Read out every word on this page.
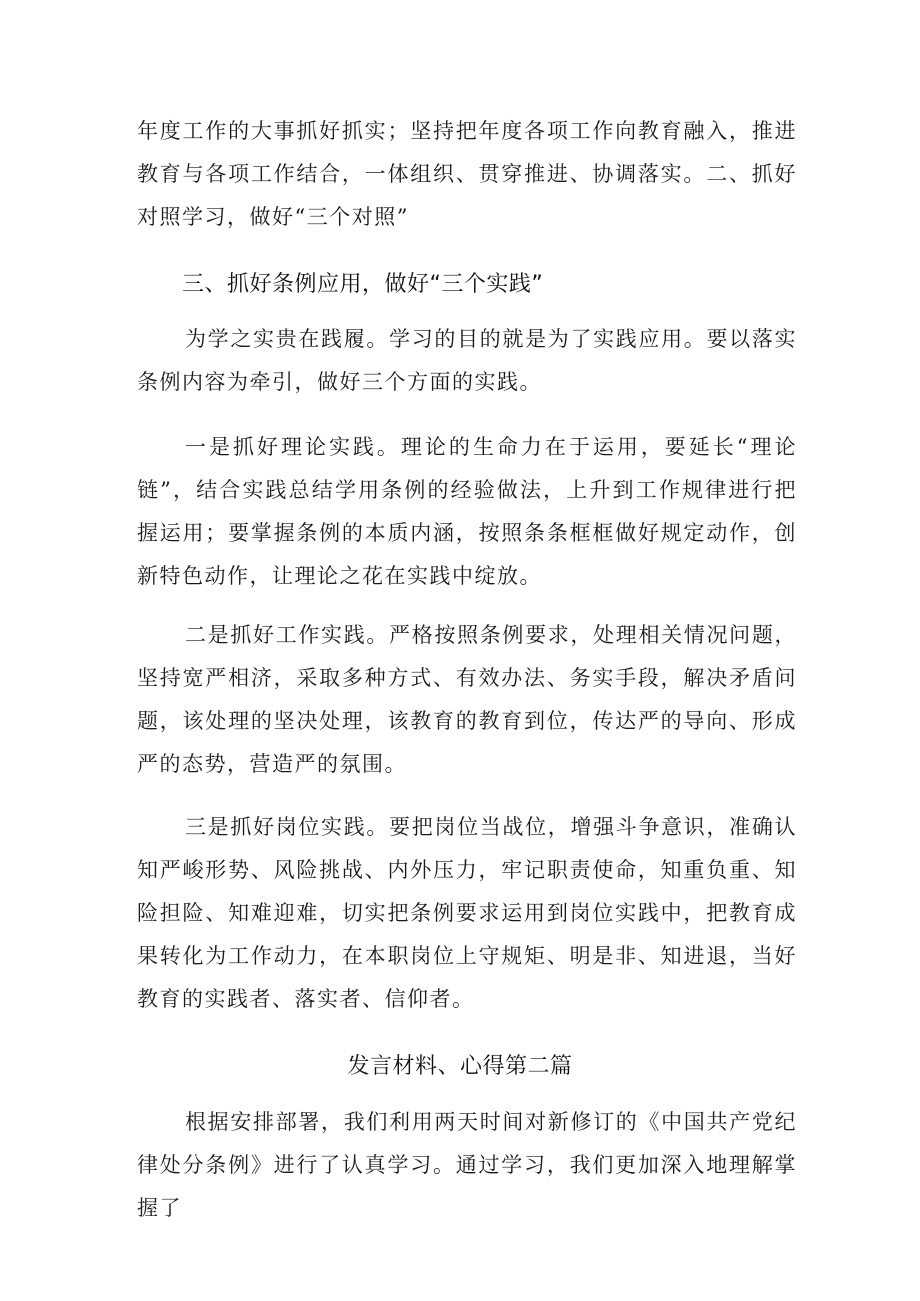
年度工作的大事抓好抓实；坚持把年度各项工作向教育融入，推进教育与各项工作结合，一体组织、贯穿推进、协调落实。二、抓好对照学习，做好“三个对照”

三、抓好条例应用，做好“三个实践”

为学之实贵在践履。学习的目的就是为了实践应用。要以落实条例内容为牵引，做好三个方面的实践。

一是抓好理论实践。理论的生命力在于运用，要延长“理论链”，结合实践总结学用条例的经验做法，上升到工作规律进行把握运用；要掌握条例的本质内涵，按照条条框框做好规定动作，创新特色动作，让理论之花在实践中绽放。

二是抓好工作实践。严格按照条例要求，处理相关情况问题，坚持宽严相济，采取多种方式、有效办法、务实手段，解决矛盾问题，该处理的坚决处理，该教育的教育到位，传达严的导向、形成严的态势，营造严的氛围。

三是抓好岗位实践。要把岗位当战位，增强斗争意识，准确认知严峻形势、风险挑战、内外压力，牢记职责使命，知重负重、知险担险、知难迎难，切实把条例要求运用到岗位实践中，把教育成果转化为工作动力，在本职岗位上守规矩、明是非、知进退，当好教育的实践者、落实者、信仰者。

发言材料、心得第二篇

根据安排部署，我们利用两天时间对新修订的《中国共产党纪律处分条例》进行了认真学习。通过学习，我们更加深入地理解掌握了
